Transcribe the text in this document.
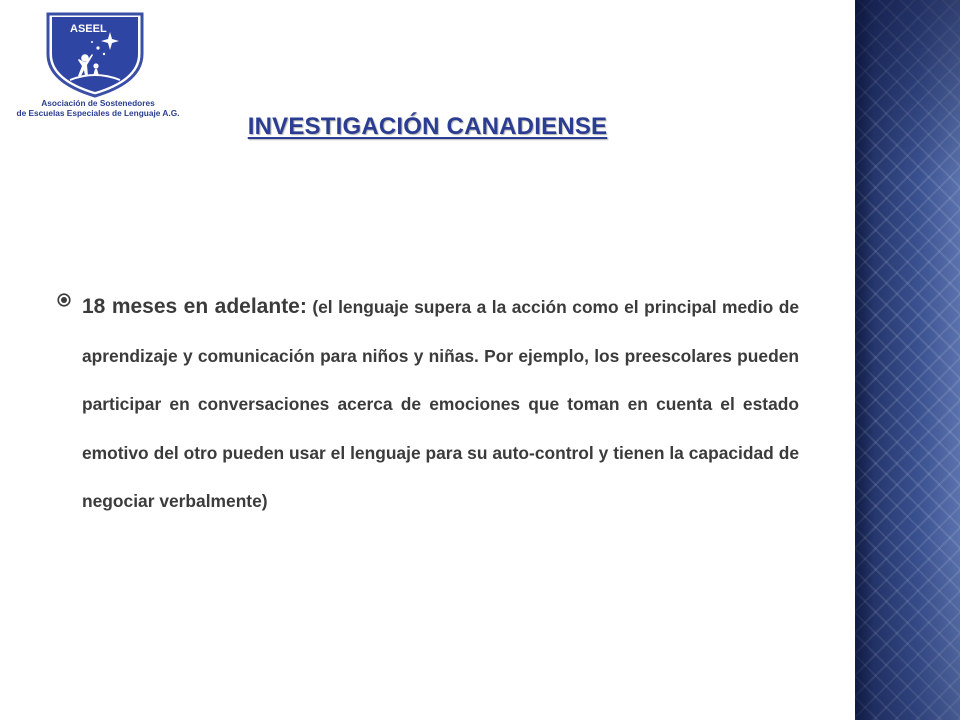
ASEEL
Asociación de Sostenedores
de Escuelas Especiales de Lenguaje A.G.	INVESTIGACIÓN CANADIENSE
18 meses en adelante: (el lenguaje supera a la acción como el principal medio de aprendizaje y comunicación para niños y niñas. Por ejemplo, los preescolares pueden participar en conversaciones acerca de emociones que toman en cuenta el estado emotivo del otro pueden usar el lenguaje para su auto-control y tienen la capacidad de negociar verbalmente)
